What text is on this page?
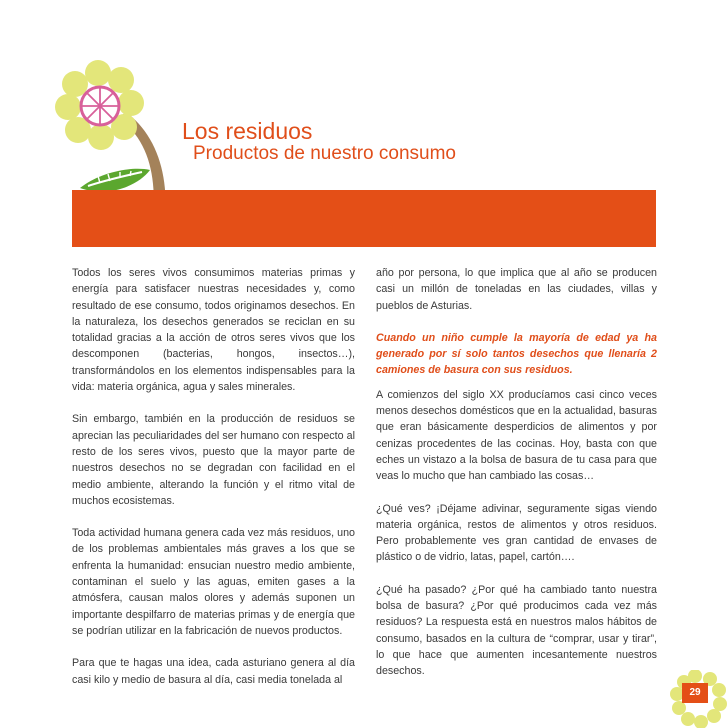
Los residuos
Productos de nuestro consumo

Todos los seres vivos consumimos materias primas y energía para satisfacer nuestras necesidades y, como resultado de ese consumo, todos originamos desechos. En la naturaleza, los desechos generados se reciclan en su totalidad gracias a la acción de otros seres vivos que los descomponen (bacterias, hongos, insectos…), transformándolos en los elementos indispensables para la vida: materia orgánica, agua y sales minerales.

Sin embargo, también en la producción de residuos se aprecian las peculiaridades del ser humano con respecto al resto de los seres vivos, puesto que la mayor parte de nuestros desechos no se degradan con facilidad en el medio ambiente, alterando la función y el ritmo vital de muchos ecosistemas.

Toda actividad humana genera cada vez más residuos, uno de los problemas ambientales más graves a los que se enfrenta la humanidad: ensucian nuestro medio ambiente, contaminan el suelo y las aguas, emiten gases a la atmósfera, causan malos olores y además suponen un importante despilfarro de materias primas y de energía que se podrían utilizar en la fabricación de nuevos productos.

Para que te hagas una idea, cada asturiano genera al día casi kilo y medio de basura al día, casi media tonelada al

año por persona, lo que implica que al año se producen casi un millón de toneladas en las ciudades, villas y pueblos de Asturias.

Cuando un niño cumple la mayoría de edad ya ha generado por sí solo tantos desechos que llenaría 2 camiones de basura con sus residuos.

A comienzos del siglo XX producíamos casi cinco veces menos desechos domésticos que en la actualidad, basuras que eran básicamente desperdicios de alimentos y por cenizas procedentes de las cocinas. Hoy, basta con que eches un vistazo a la bolsa de basura de tu casa para que veas lo mucho que han cambiado las cosas…

¿Qué ves? ¡Déjame adivinar, seguramente sigas viendo materia orgánica, restos de alimentos y otros residuos. Pero probablemente ves gran cantidad de envases de plástico o de vidrio, latas, papel, cartón….

¿Qué ha pasado? ¿Por qué ha cambiado tanto nuestra bolsa de basura? ¿Por qué producimos cada vez más residuos? La respuesta está en nuestros malos hábitos de consumo, basados en la cultura de “comprar, usar y tirar”, lo que hace que aumenten incesantemente nuestros desechos.

29
